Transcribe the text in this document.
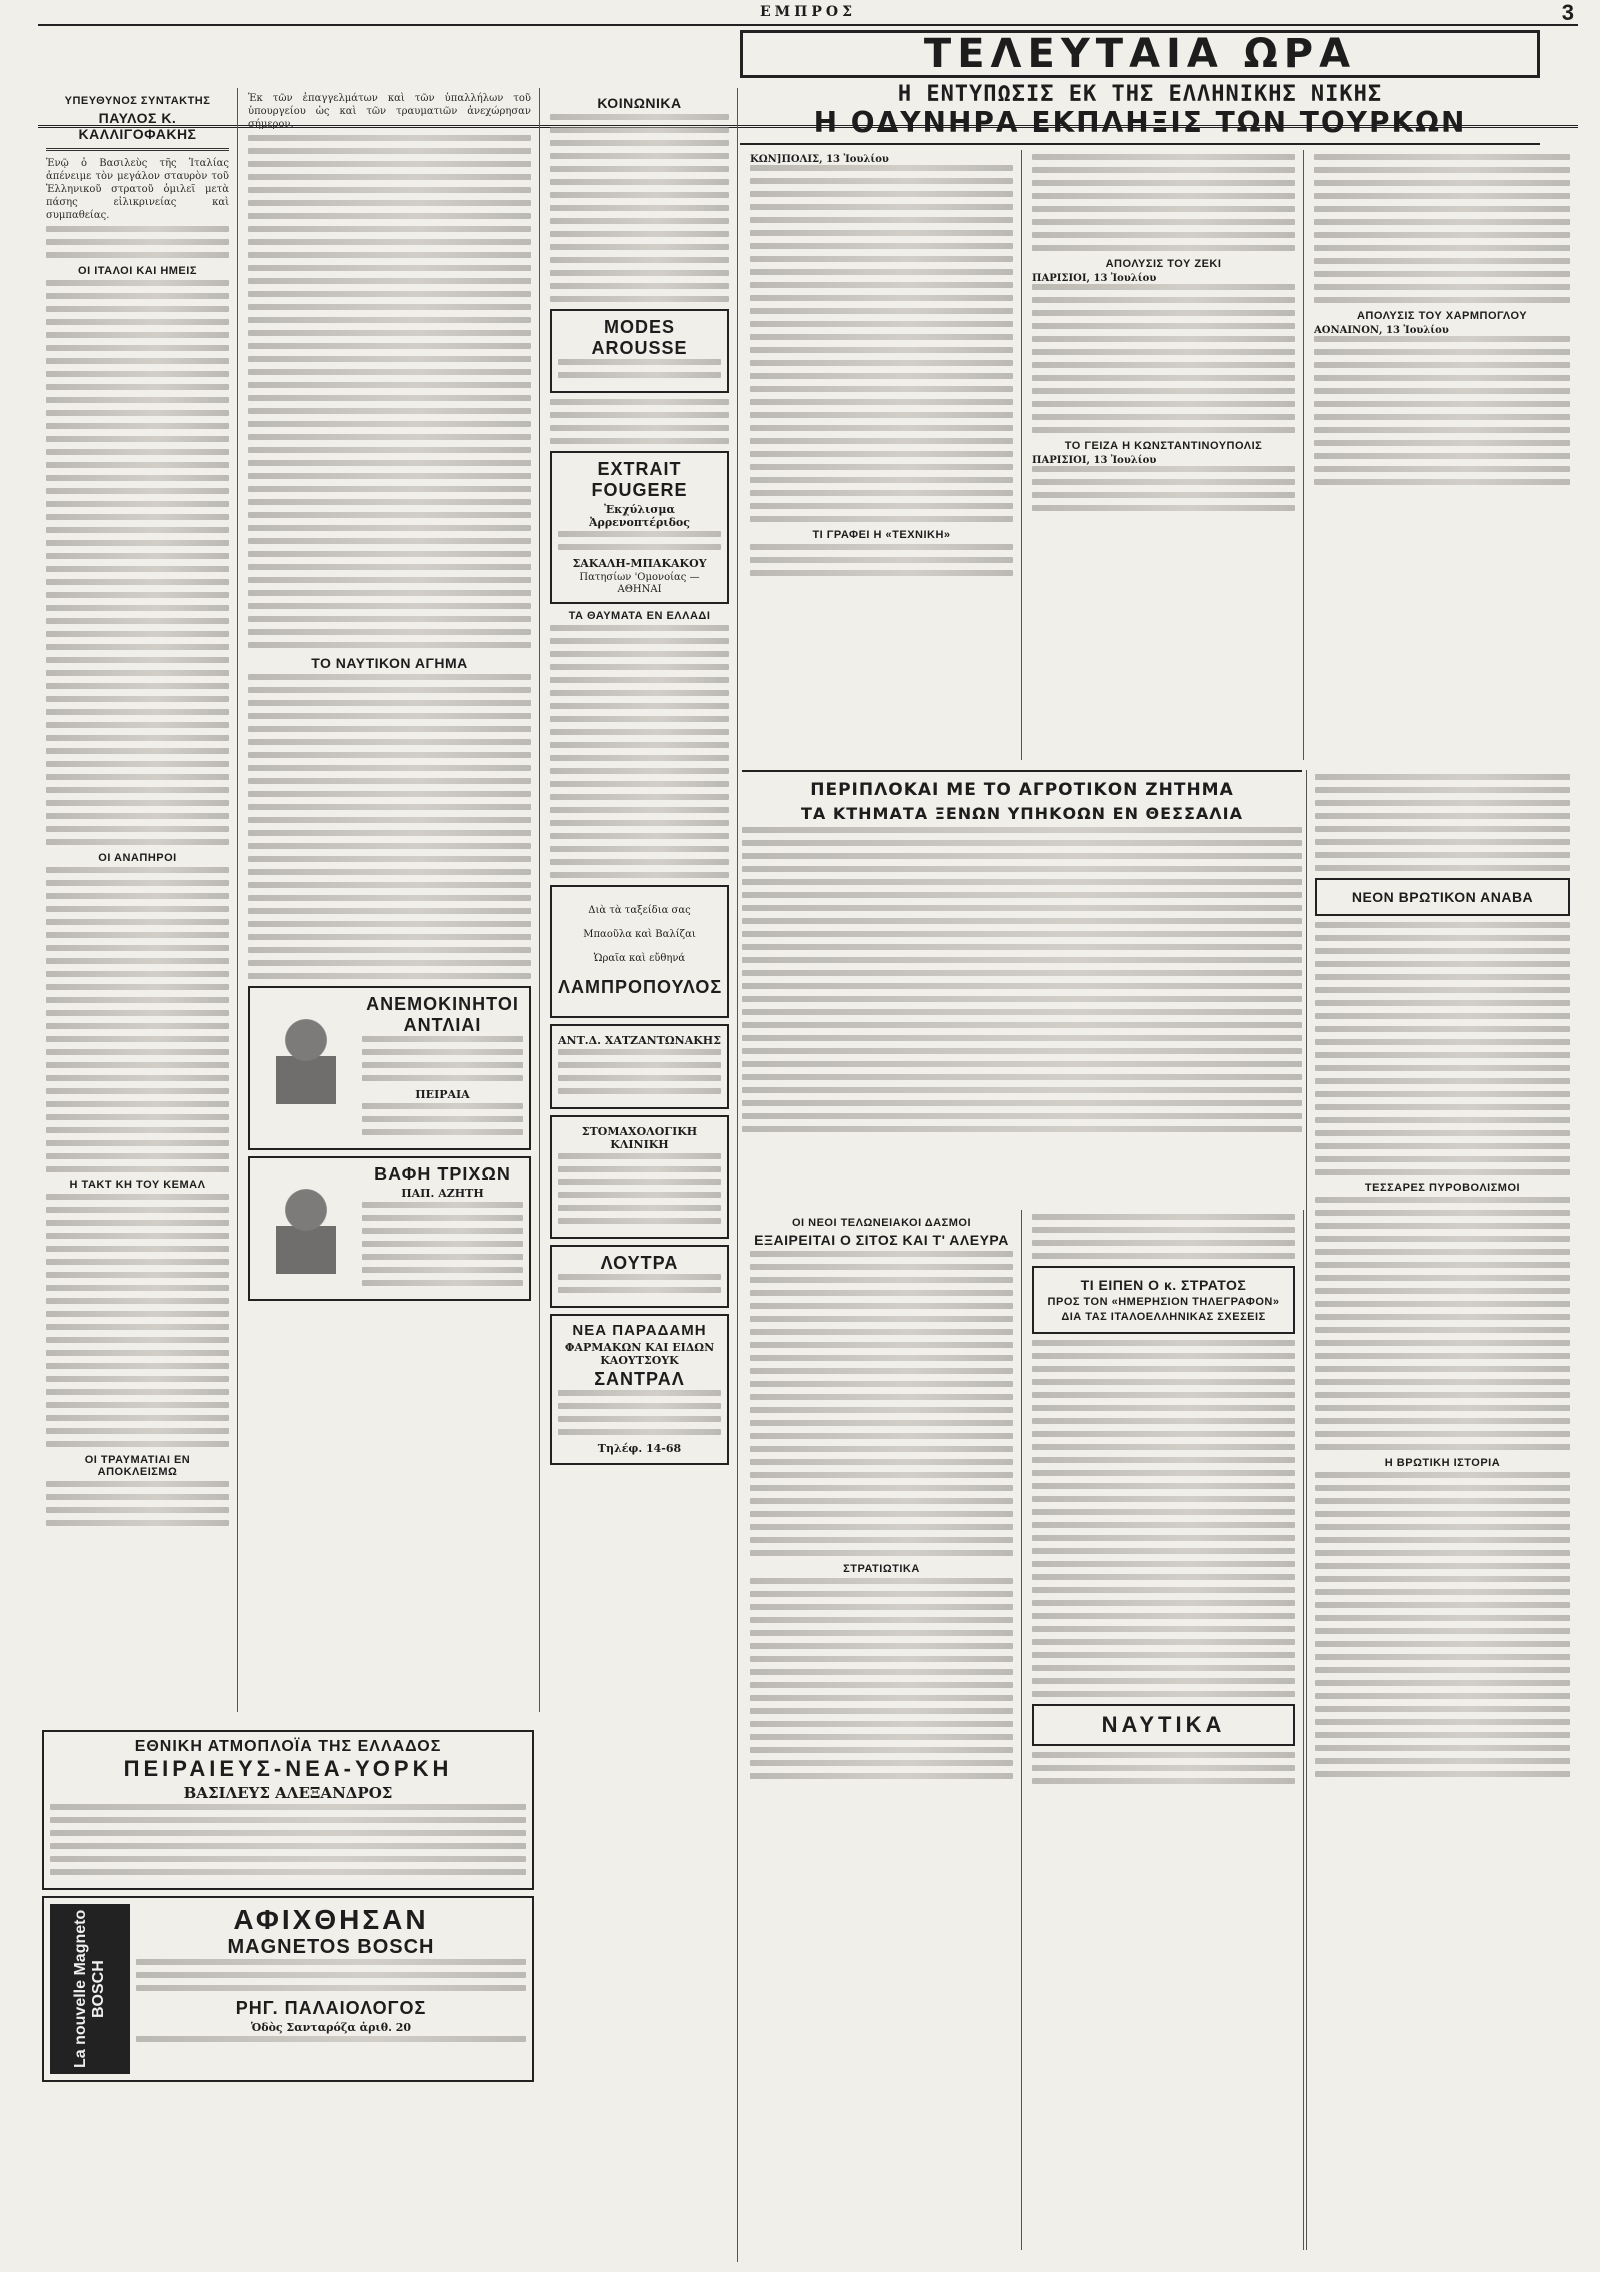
ΕΜΠΡΟΣ	3
ΤΕΛΕΥΤΑΙΑ ΩΡΑ
Η ΕΝΤΥΠΩΣΙΣ ΕΚ ΤΗΣ ΕΛΛΗΝΙΚΗΣ ΝΙΚΗΣ
Η ΟΔΥΝΗΡΑ ΕΚΠΛΗΞΙΣ ΤΩΝ ΤΟΥΡΚΩΝ
ΥΠΕΥΘΥΝΟΣ ΣΥΝΤΑΚΤΗΣ
ΠΑΥΛΟΣ Κ. ΚΑΛΛΙΓΟΦΑΚΗΣ

Ἐνῷ ὁ Βασιλεὺς τῆς Ἰταλίας ἀπένειμε τὸν μεγάλον σταυρὸν τοῦ Ἑλληνικοῦ στρατοῦ ὁμιλεῖ μετὰ πάσης εἰλικρινείας καὶ συμπαθείας.

ΟΙ ΙΤΑΛΟΙ ΚΑΙ ΗΜΕΙΣ
ΟΙ ΑΝΑΠΗΡΟΙ
Η ΤΑΚΤ ΚΗ ΤΟΥ ΚΕΜΑΛ
ΟΙ ΤΡΑΥΜΑΤΙΑΙ ΕΝ ΑΠΟΚΛΕΙΣΜΩ

Ἐκ τῶν ἐπαγγελμάτων καὶ τῶν ὑπαλλήλων τοῦ ὑπουργείου ὡς καὶ τῶν τραυματιῶν ἀνεχώρησαν σήμερον.

ΤΟ ΝΑΥΤΙΚΟΝ ΑΓΗΜΑ
ΑΝΕΜΟΚΙΝΗΤΟΙ ΑΝΤΛΙΑΙ
ΠΕΙΡΑΙΑ
ΒΑΦΗ ΤΡΙΧΩΝ
ΠΑΠ. ΑΖΗΤΗ
ΚΟΙΝΩΝΙΚΑ
MODES AROUSSE
EXTRAIT FOUGERE
Ἐκχύλισμα Ἀρρενοπτέριδος
ΣΑΚΑΛΗ-ΜΠΑΚΑΚΟΥ
Πατησίων 'Ομονοίας — ΑΘΗΝΑΙ
ΤΑ ΘΑΥΜΑΤΑ ΕΝ ΕΛΛΑΔΙ
Διὰ τὰ ταξείδια σας
Μπαοῦλα καὶ Βαλίζαι
Ὡραῖα καὶ εὔθηνά
ΛΑΜΠΡΟΠΟΥΛΟΣ
ΑΝΤ.Δ. ΧΑΤΖΑΝΤΩΝΑΚΗΣ
ΣΤΟΜΑΧΟΛΟΓΙΚΗ ΚΛΙΝΙΚΗ
ΛΟΥΤΡΑ
ΝΕΑ ΠΑΡΑΔΑΜΗ
ΦΑΡΜΑΚΩΝ ΚΑΙ ΕΙΔΩΝ ΚΑΟΥΤΣΟΥΚ
ΣΑΝΤΡΑΛ
Τηλέφ. 14-68
ΕΘΝΙΚΗ ΑΤΜΟΠΛΟΪΑ ΤΗΣ ΕΛΛΑΔΟΣ
ΠΕΙΡΑΙΕΥΣ-ΝΕΑ-ΥΟΡΚΗ
ΒΑΣΙΛΕΥΣ ΑΛΕΞΑΝΔΡΟΣ
La nouvelle Magneto BOSCH
ΑΦΙΧΘΗΣΑΝ
MAGNETOS BOSCH
ΡΗΓ. ΠΑΛΑΙΟΛΟΓΟΣ
Ὁδὸς Σανταρόζα ἀριθ. 20
ΚΩΝ]ΠΟΛΙΣ, 13 Ἰουλίου
ΤΙ ΓΡΑΦΕΙ Η «ΤΕΧΝΙΚΗ»
ΑΠΟΛΥΣΙΣ ΤΟΥ ΖΕΚΙ
ΠΑΡΙΣΙΟΙ, 13 Ἰουλίου
ΤΟ ΓΕΙΖΑ Η ΚΩΝΣΤΑΝΤΙΝΟΥΠΟΛΙΣ
ΠΑΡΙΣΙΟΙ, 13 Ἰουλίου
ΑΠΟΛΥΣΙΣ ΤΟΥ ΧΑΡΜΠΟΓΛΟΥ
ΑΟΝΑΙΝΟΝ, 13 Ἰουλίου
ΠΕΡΙΠΛΟΚΑΙ ΜΕ ΤΟ ΑΓΡΟΤΙΚΟΝ ΖΗΤΗΜΑ
ΤΑ ΚΤΗΜΑΤΑ ΞΕΝΩΝ ΥΠΗΚΟΩΝ ΕΝ ΘΕΣΣΑΛΙΑ
ΝΕΟΝ ΒΡΩΤΙΚΟΝ ΑΝΑΒΑ
ΤΕΣΣΑΡΕΣ ΠΥΡΟΒΟΛΙΣΜΟΙ
Η ΒΡΩΤΙΚΗ ΙΣΤΟΡΙΑ
ΟΙ ΝΕΟΙ ΤΕΛΩΝΕΙΑΚΟΙ ΔΑΣΜΟΙ
ΕΞΑΙΡΕΙΤΑΙ Ο ΣΙΤΟΣ ΚΑΙ Τ' ΑΛΕΥΡΑ
ΣΤΡΑΤΙΩΤΙΚΑ
ΤΙ ΕΙΠΕΝ Ο κ. ΣΤΡΑΤΟΣ
ΠΡΟΣ ΤΟΝ «ΗΜΕΡΗΣΙΟΝ ΤΗΛΕΓΡΑΦΟΝ»
ΔΙΑ ΤΑΣ ΙΤΑΛΟΕΛΛΗΝΙΚΑΣ ΣΧΕΣΕΙΣ
ΝΑΥΤΙΚΑ
